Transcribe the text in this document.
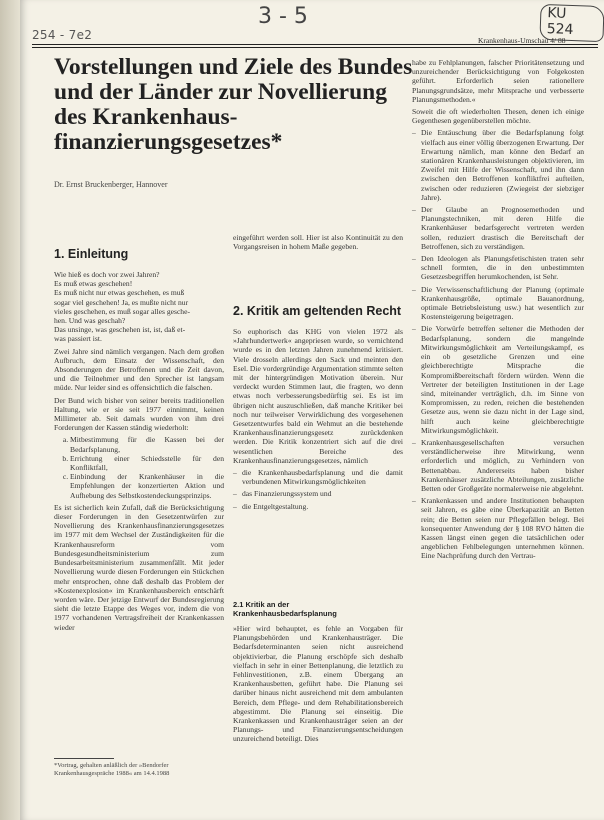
254 - 7e2
3 - 5	KU 524
Krankenhaus-Umschau 4/ 88
Vorstellungen und Ziele des Bundes und der Länder zur Novellierung des Krankenhaus-finanzierungsgesetzes*
Dr. Ernst Bruckenberger, Hannover
1. Einleitung

Wie hieß es doch vor zwei Jahren?
Es muß etwas geschehen!
Es muß nicht nur etwas geschehen, es muß
sogar viel geschehen! Ja, es mußte nicht nur
vieles geschehen, es muß sogar alles gesche-
hen. Und was geschah?
Das unsinge, was geschehen ist, ist, daß et-
was passiert ist.

Zwei Jahre sind nämlich vergangen. Nach dem großen Aufbruch, dem Einsatz der Wissenschaft, den Absonderungen der Betroffenen und die Zeit davon, und die Teilnehmer und den Sprecher ist langsam müde. Nur leider sind es offensichtlich die falschen.

Der Bund wich bisher von seiner bereits traditionellen Haltung, wie er sie seit 1977 einnimmt, keinen Millimeter ab. Seit damals wurden von ihm drei Forderungen der Kassen ständig wiederholt:

a. Mitbestimmung für die Kassen bei der Bedarfsplanung,
b. Errichtung einer Schiedsstelle für den Konfliktfall,
c. Einbindung der Krankenhäuser in die Empfehlungen der konzertierten Aktion und Aufhebung des Selbstkostendeckungsprinzips.

Es ist sicherlich kein Zufall, daß die Berücksichtigung dieser Forderungen in den Gesetzentwürfen zur Novellierung des Krankenhausfinanzierungsgesetzes im 1977 mit dem Wechsel der Zuständigkeiten für die Krankenhausreform vom Bundesgesundheitsministerium zum Bundesarbeitsministerium zusammenfällt. Mit jeder Novellierung wurde diesen Forderungen ein Stückchen mehr entsprochen, ohne daß deshalb das Problem der »Kostenexplosion« im Krankenhausbereich entschärft worden wäre. Der jetzige Entwurf der Bundesregierung sieht die letzte Etappe des Weges vor, indem die von 1977 vorhandenen Vertragsfreiheit der Krankenkassen wieder

*Vortrag, gehalten anläßlich der »Bendorfer Krankenhausgespräche 1988« am 14.4.1988

eingeführt werden soll. Hier ist also Kontinuität zu den Vorgangsreisen in hohem Maße gegeben.

2. Kritik am geltenden Recht

So euphorisch das KHG von vielen 1972 als »Jahrhundertwerk« angepriesen wurde, so vernichtend wurde es in den letzten Jahren zunehmend kritisiert. Viele drosseln allerdings den Sack und meinten den Esel. Die vordergründige Argumentation stimmte selten mit der hintergründigen Motivation überein. Nur verdeckt wurden Stimmen laut, die fragten, wo denn etwas noch verbesserungsbedürftig sei. Es ist im übrigen nicht auszuschließen, daß manche Kritiker bei noch nur teilweiser Verwirklichung des vorgesehenen Gesetzentwurfes bald ein Wehmut an die bestehende Krankenhausfinanzierungsgesetz zurückdenken werden. Die Kritik konzentriert sich auf die drei wesentlichen Bereiche des Krankenhausfinanzierungsgesetzes, nämlich

– die Krankenhausbedarfsplanung und die damit verbundenen Mitwirkungsmöglichkeiten
– das Finanzierungssystem und
– die Entgeltgestaltung.
2.1 Kritik an der Krankenhausbedarfsplanung

»Hier wird behauptet, es fehle an Vorgaben für Planungsbehörden und Krankenhausträger. Die Bedarfsdeterminanten seien nicht ausreichend objektivierbar, die Planung erschöpfe sich deshalb vielfach in sehr in einer Bettenplanung, die letztlich zu Fehlinvestitionen, z.B. einem Übergang an Krankenhausbetten, geführt habe. Die Planung sei darüber hinaus nicht ausreichend mit dem ambulanten Bereich, dem Pflege- und dem Rehabilitationsbereich abgestimmt. Die Planung sei einseitig. Die Krankenkassen und Krankenhausträger seien an der Planungs- und Finanzierungsentscheidungen unzureichend beteiligt. Dies

habe zu Fehlplanungen, falscher Prioritätensetzung und unzureichender Berücksichtigung von Folgekosten geführt. Erforderlich seien rationellere Planungsgrundsätze, mehr Mitsprache und verbesserte Planungsmethoden.«

Soweit die oft wiederholten Thesen, denen ich einige Gegenthesen gegenüberstellen möchte.

– Die Entäuschung über die Bedarfsplanung folgt vielfach aus einer völlig überzogenen Erwartung. Der Erwartung nämlich, man könne den Bedarf an stationären Krankenhausleistungen objektivieren, im Zweifel mit Hilfe der Wissenschaft, und ihn dann zwischen den Betroffenen konfliktfrei aufteilen, zwischen oder reduzieren (Zwiegeist der siebziger Jahre).
– Der Glaube an Prognosemethoden und Planungstechniken, mit deren Hilfe die Krankenhäuser bedarfsgerecht vertreten werden sollen, reduziert drastisch die Bereitschaft der Betroffenen, sich zu verständigen.
– Den Ideologen als Planungsfetischisten traten sehr schnell formten, die in den unbestimmten Gesetzesbegriffen herumkochenden, ist Sehr.
– Die Verwissenschaftlichung der Planung (optimale Krankenhausgröße, optimale Bauanordnung, optimale Betriebsleistung usw.) hat wesentlich zur Kostensteigerung beigetragen.
– Die Vorwürfe betreffen seltener die Methoden der Bedarfsplanung, sondern die mangelnde Mitwirkungsmöglichkeit am Verteilungskampf, es ein ob gesetzliche Grenzen und eine gleichberechtigte Mitsprache die Kompromißbereitschaft fördern würden. Wenn die Vertreter der beteiligten Institutionen in der Lage sind, miteinander verträglich, d.h. im Sinne von Kompromissen, zu reden, reichen die bestehenden Gesetze aus, wenn sie dazu nicht in der Lage sind, hilft auch keine gleichberechtigte Mitwirkungsmöglichkeit.
– Krankenhausgesellschaften versuchen verständlicherweise ihre Mitwirkung, wenn erforderlich und möglich, zu Verhindern von Bettenabbau. Andererseits haben bisher Krankenhäuser zusätzliche Abteilungen, zusätzliche Betten oder Großgeräte normalerweise nie abgelehnt.
– Krankenkassen und andere Institutionen behaupten seit Jahren, es gäbe eine Überkapazität an Betten rein; die Betten seien nur Pflegefällen belegt. Bei konsequenter Anwendung der § 108 RVO hätten die Kassen längst einen gegen die tatsächlichen oder angeblichen Fehlbelegungen unternehmen können. Eine Nachprüfung durch den Vertrau-
